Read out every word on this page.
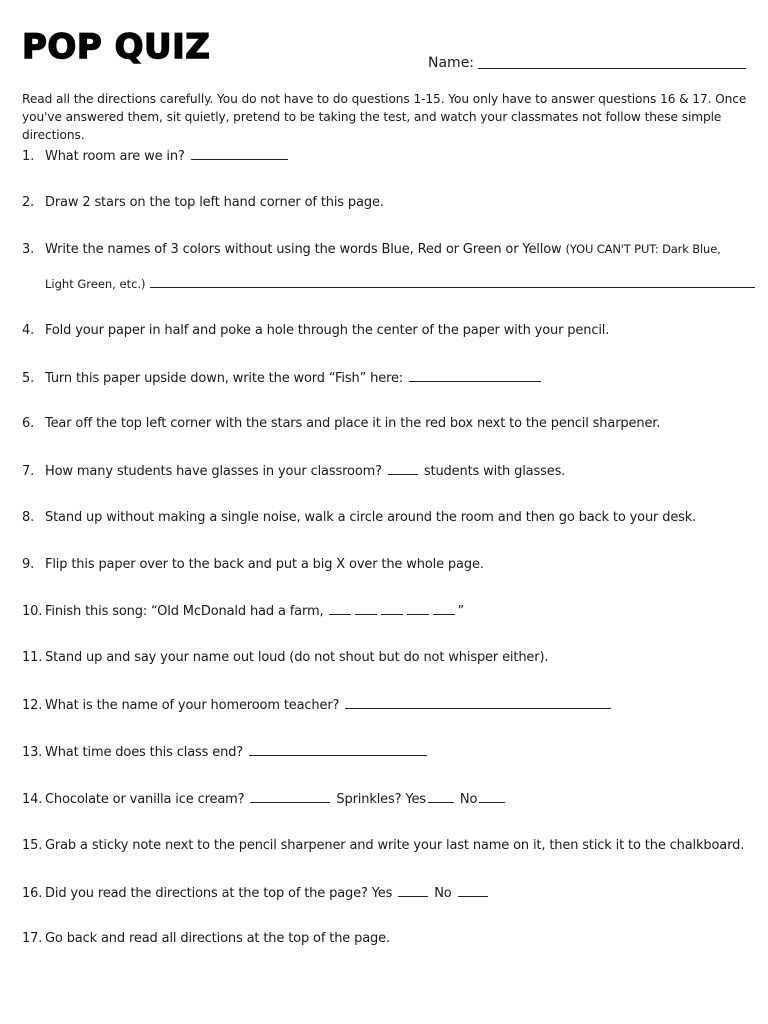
POP QUIZ	Name:
Read all the directions carefully. You do not have to do questions 1-15. You only have to answer questions 16 & 17. Once you've answered them, sit quietly, pretend to be taking the test, and watch your classmates not follow these simple directions.
1. What room are we in?
2. Draw 2 stars on the top left hand corner of this page.
3. Write the names of 3 colors without using the words Blue, Red or Green or Yellow (YOU CAN'T PUT: Dark Blue,
Light Green, etc.)
4. Fold your paper in half and poke a hole through the center of the paper with your pencil.
5. Turn this paper upside down, write the word “Fish” here:
6. Tear off the top left corner with the stars and place it in the red box next to the pencil sharpener.
7. How many students have glasses in your classroom?	students with glasses.
8. Stand up without making a single noise, walk a circle around the room and then go back to your desk.
9. Flip this paper over to the back and put a big X over the whole page.
10. Finish this song: “Old McDonald had a farm,	”
11. Stand up and say your name out loud (do not shout but do not whisper either).
12. What is the name of your homeroom teacher?
13. What time does this class end?
14. Chocolate or vanilla ice cream?	Sprinkles? Yes	No
15. Grab a sticky note next to the pencil sharpener and write your last name on it, then stick it to the chalkboard.
16. Did you read the directions at the top of the page? Yes	No
17. Go back and read all directions at the top of the page.
